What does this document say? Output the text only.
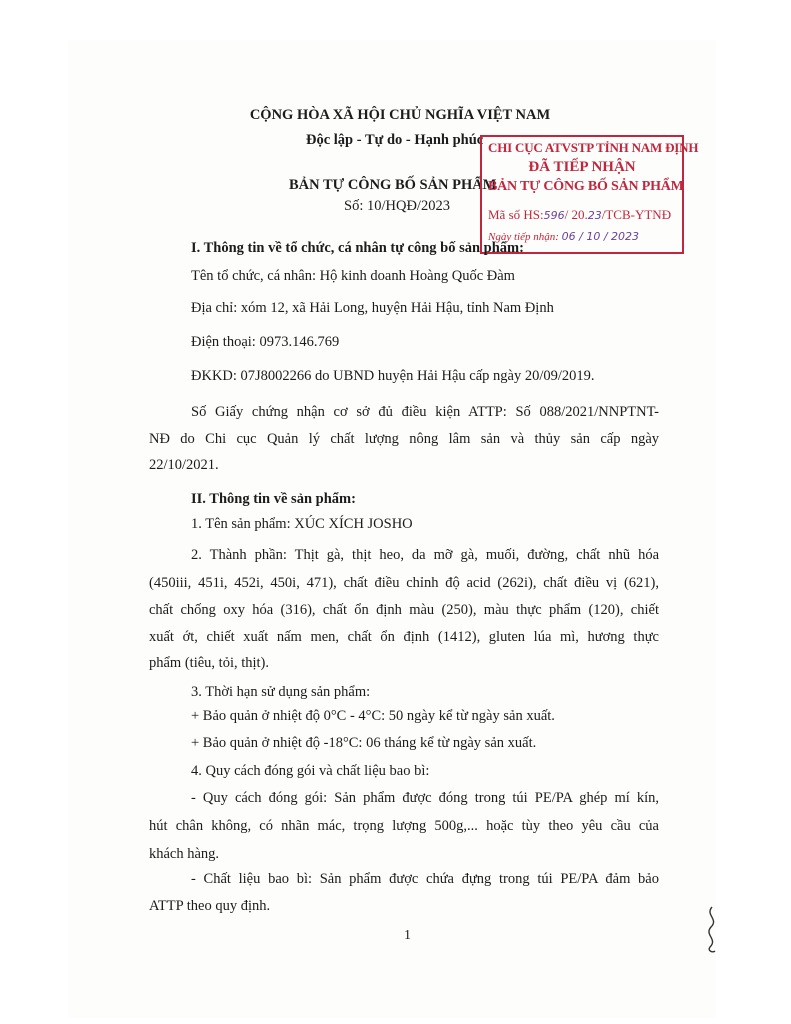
CỘNG HÒA XÃ HỘI CHỦ NGHĨA VIỆT NAM
Độc lập - Tự do - Hạnh phúc
BẢN TỰ CÔNG BỐ SẢN PHẨM
Số: 10/HQĐ/2023
CHI CỤC ATVSTP TỈNH NAM ĐỊNH
ĐÃ TIẾP NHẬN
BẢN TỰ CÔNG BỐ SẢN PHẨM
Mã số HS:596/ 20.23/TCB-YTNĐ
Ngày tiếp nhận: 06 / 10 / 2023
I. Thông tin về tổ chức, cá nhân tự công bố sản phẩm:
Tên tổ chức, cá nhân: Hộ kinh doanh Hoàng Quốc Đàm
Địa chỉ: xóm 12, xã Hải Long, huyện Hải Hậu, tỉnh Nam Định
Điện thoại: 0973.146.769
ĐKKD: 07J8002266 do UBND huyện Hải Hậu cấp ngày 20/09/2019.
Số Giấy chứng nhận cơ sở đủ điều kiện ATTP: Số 088/2021/NNPTNT-
NĐ do Chi cục Quản lý chất lượng nông lâm sản và thủy sản cấp ngày
22/10/2021.
II. Thông tin về sản phẩm:
1. Tên sản phẩm: XÚC XÍCH JOSHO
2. Thành phần: Thịt gà, thịt heo, da mỡ gà, muối, đường, chất nhũ hóa
(450iii, 451i, 452i, 450i, 471), chất điều chỉnh độ acid (262i), chất điều vị (621),
chất chống oxy hóa (316), chất ổn định màu (250), màu thực phẩm (120), chiết
xuất ớt, chiết xuất nấm men, chất ổn định (1412), gluten lúa mì, hương thực
phẩm (tiêu, tỏi, thịt).
3. Thời hạn sử dụng sản phẩm:
+ Bảo quản ở nhiệt độ 0°C - 4°C: 50 ngày kể từ ngày sản xuất.
+ Bảo quản ở nhiệt độ -18°C: 06 tháng kể từ ngày sản xuất.
4. Quy cách đóng gói và chất liệu bao bì:
- Quy cách đóng gói: Sản phẩm được đóng trong túi PE/PA ghép mí kín,
hút chân không, có nhãn mác, trọng lượng 500g,... hoặc tùy theo yêu cầu của
khách hàng.
- Chất liệu bao bì: Sản phẩm được chứa đựng trong túi PE/PA đảm bảo
ATTP theo quy định.
1
